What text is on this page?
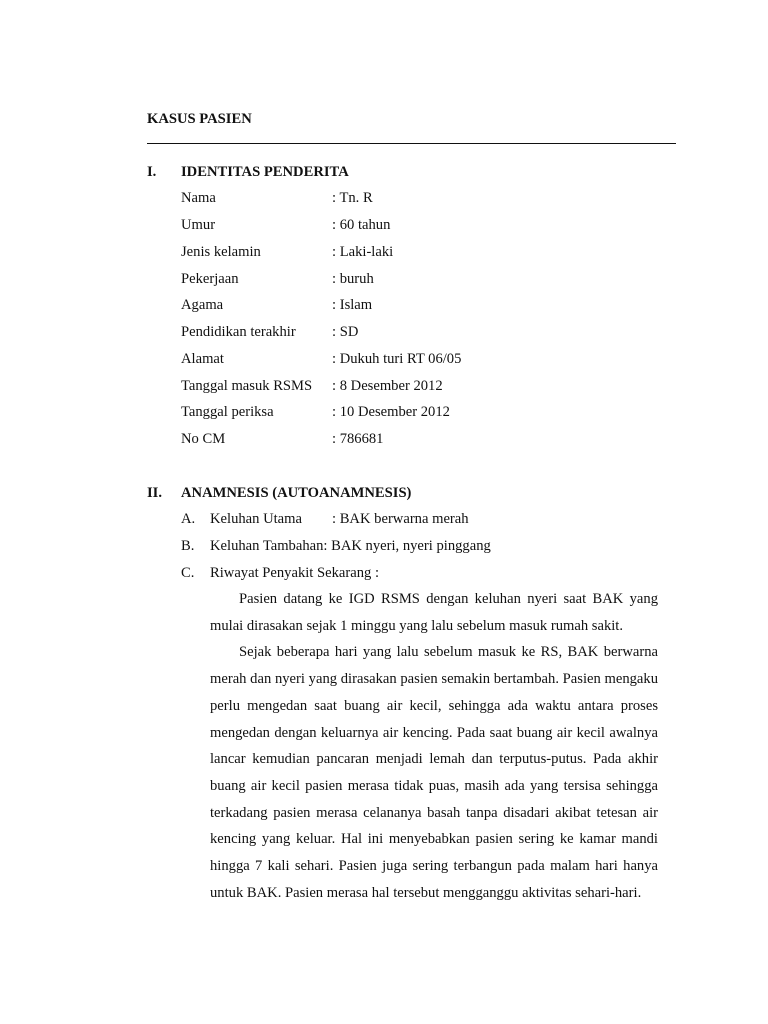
KASUS PASIEN
I. IDENTITAS PENDERITA
Nama	: Tn. R
Umur	: 60 tahun
Jenis kelamin	: Laki-laki
Pekerjaan	: buruh
Agama	: Islam
Pendidikan terakhir : SD
Alamat	: Dukuh turi RT 06/05
Tanggal masuk RSMS : 8 Desember 2012
Tanggal periksa	: 10 Desember 2012
No CM	: 786681
II. ANAMNESIS (AUTOANAMNESIS)
A. Keluhan Utama : BAK berwarna merah
B. Keluhan Tambahan: BAK nyeri, nyeri pinggang
C. Riwayat Penyakit Sekarang :

Pasien datang ke IGD RSMS dengan keluhan nyeri saat BAK yang mulai dirasakan sejak 1 minggu yang lalu sebelum masuk rumah sakit.

Sejak beberapa hari yang lalu sebelum masuk ke RS, BAK berwarna merah dan nyeri yang dirasakan pasien semakin bertambah. Pasien mengaku perlu mengedan saat buang air kecil, sehingga ada waktu antara proses mengedan dengan keluarnya air kencing. Pada saat buang air kecil awalnya lancar kemudian pancaran menjadi lemah dan terputus-putus. Pada akhir buang air kecil pasien merasa tidak puas, masih ada yang tersisa sehingga terkadang pasien merasa celananya basah tanpa disadari akibat tetesan air kencing yang keluar. Hal ini menyebabkan pasien sering ke kamar mandi hingga 7 kali sehari. Pasien juga sering terbangun pada malam hari hanya untuk BAK. Pasien merasa hal tersebut mengganggu aktivitas sehari-hari.
